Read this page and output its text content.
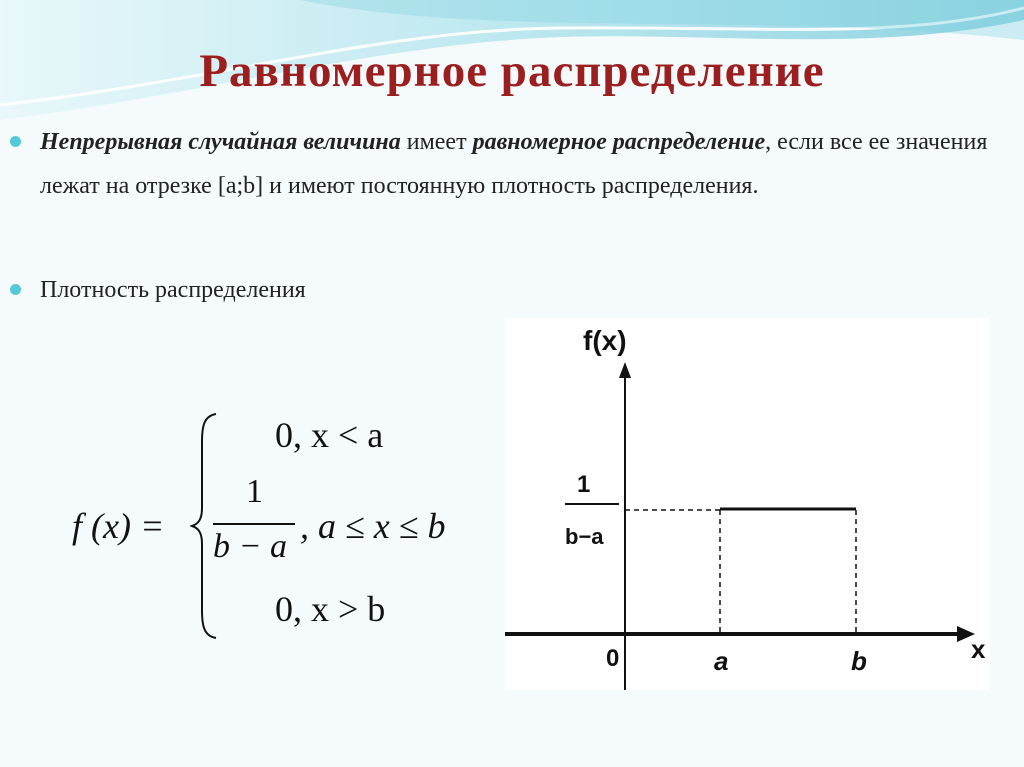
Равномерное распределение
Непрерывная случайная величина имеет равномерное распределение, если все ее значения лежат на отрезке [a;b] и имеют постоянную плотность распределения.
Плотность распределения
f (x) =
0, x < a
1
b − a
, a ≤ x ≤ b
0, x > b
f(x)
x
0	a	b
1
b−a
